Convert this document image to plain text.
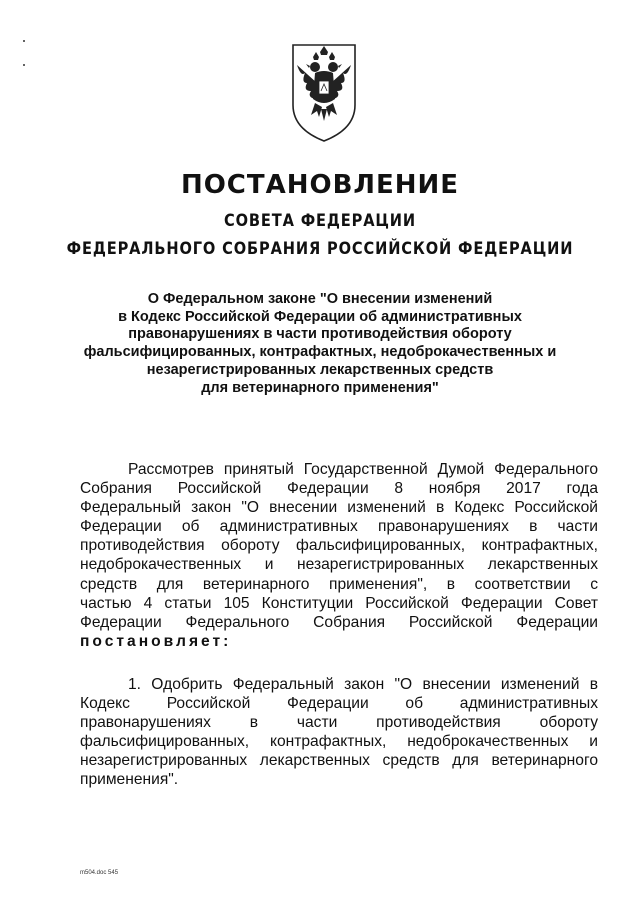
ПОСТАНОВЛЕНИЕ
СОВЕТА ФЕДЕРАЦИИ
ФЕДЕРАЛЬНОГО СОБРАНИЯ РОССИЙСКОЙ ФЕДЕРАЦИИ
О Федеральном законе "О внесении изменений
в Кодекс Российской Федерации об административных
правонарушениях в части противодействия обороту
фальсифицированных, контрафактных, недоброкачественных и
незарегистрированных лекарственных средств
для ветеринарного применения"
Рассмотрев принятый Государственной Думой Федерального
Собрания Российской Федерации 8 ноября 2017 года
Федеральный закон "О внесении изменений в Кодекс Российской
Федерации об административных правонарушениях в части
противодействия обороту фальсифицированных, контрафактных,
недоброкачественных и незарегистрированных лекарственных
средств для ветеринарного применения", в соответствии с
частью 4 статьи 105 Конституции Российской Федерации Совет
Федерации Федерального Собрания Российской Федерации
постановляет:
1. Одобрить Федеральный закон "О внесении изменений в
Кодекс Российской Федерации об административных
правонарушениях в части противодействия обороту
фальсифицированных, контрафактных, недоброкачественных и
незарегистрированных лекарственных средств для ветеринарного
применения".
m504.doc 545
